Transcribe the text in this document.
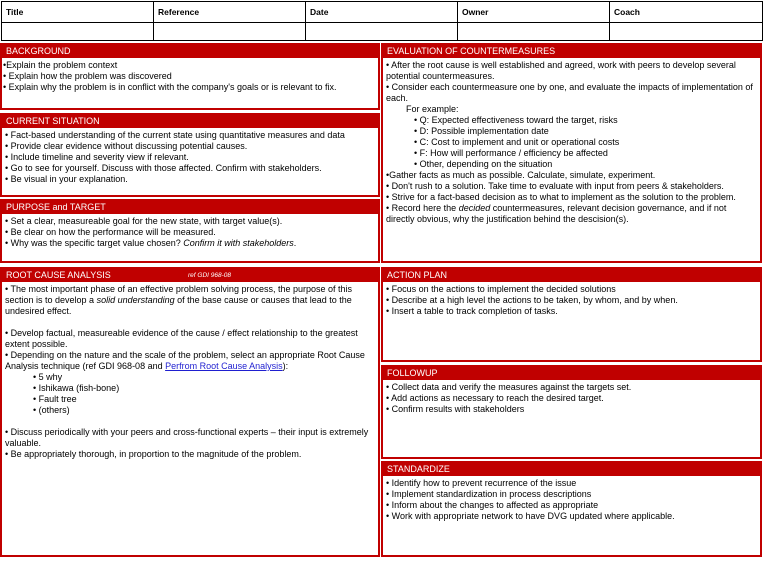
Title	Reference	Date	Owner	Coach

BACKGROUND
•Explain the problem context
• Explain how the problem was discovered
• Explain why the problem is in conflict with the company's goals or is relevant to fix.
CURRENT SITUATION
• Fact-based understanding of the current state using quantitative measures and data
• Provide clear evidence without discussing potential causes.
• Include timeline and severity view if relevant.
• Go to see for yourself. Discuss with those affected. Confirm with stakeholders.
• Be visual in your explanation.
PURPOSE and TARGET
• Set a clear, measureable goal for the new state, with target value(s).
• Be clear on how the performance will be measured.
• Why was the specific target value chosen? Confirm it with stakeholders.
ROOT CAUSE ANALYSIS	ref GDI 968-08
• The most important phase of an effective problem solving process, the purpose of this section is to develop a solid understanding of the base cause or causes that lead to the undesired effect.
• Develop factual, measureable evidence of the cause / effect relationship to the greatest extent possible.
• Depending on the nature and the scale of the problem, select an appropriate Root Cause Analysis technique (ref GDI 968-08 and Perfrom Root Cause Analysis):
• 5 why
• Ishikawa (fish-bone)
• Fault tree
• (others)
• Discuss periodically with your peers and cross-functional experts – their input is extremely valuable.
• Be appropriately thorough, in proportion to the magnitude of the problem.
EVALUATION OF COUNTERMEASURES
• After the root cause is well established and agreed, work with peers to develop several potential countermeasures.
• Consider each countermeasure one by one, and evaluate the impacts of implementation of each.
For example:
• Q: Expected effectiveness toward the target, risks
• D: Possible implementation date
• C: Cost to implement and unit or operational costs
• F: How will performance / efficiency be affected
• Other, depending on the situation
•Gather facts as much as possible. Calculate, simulate, experiment.
• Don't rush to a solution. Take time to evaluate with input from peers & stakeholders.
• Strive for a fact-based decision as to what to implement as the solution to the problem.
• Record here the decided countermeasures, relevant decision governance, and if not directly obvious, why the justification behind the descision(s).
ACTION PLAN
• Focus on the actions to implement the decided solutions
• Describe at a high level the actions to be taken, by whom, and by when.
• Insert a table to track completion of tasks.
FOLLOWUP
• Collect data and verify the measures against the targets set.
• Add actions as necessary to reach the desired target.
• Confirm results with stakeholders
STANDARDIZE
• Identify how to prevent recurrence of the issue
• Implement standardization in process descriptions
• Inform about the changes to affected as appropriate
• Work with appropriate network to have DVG updated where applicable.
